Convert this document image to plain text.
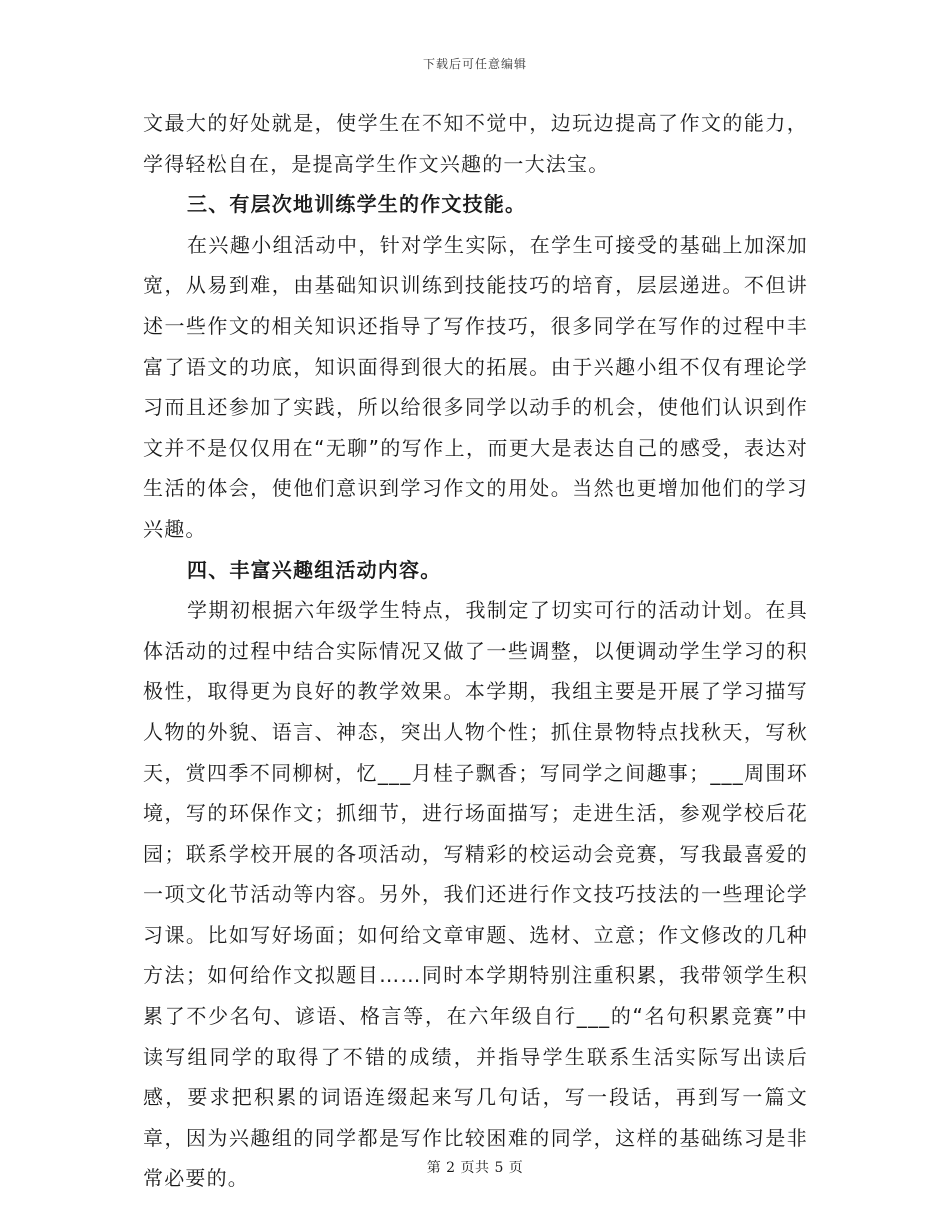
下载后可任意编辑

文最大的好处就是，使学生在不知不觉中，边玩边提高了作文的能力，学得轻松自在，是提高学生作文兴趣的一大法宝。

三、有层次地训练学生的作文技能。

在兴趣小组活动中，针对学生实际，在学生可接受的基础上加深加宽，从易到难，由基础知识训练到技能技巧的培育，层层递进。不但讲述一些作文的相关知识还指导了写作技巧，很多同学在写作的过程中丰富了语文的功底，知识面得到很大的拓展。由于兴趣小组不仅有理论学习而且还参加了实践，所以给很多同学以动手的机会，使他们认识到作文并不是仅仅用在“无聊”的写作上，而更大是表达自己的感受，表达对生活的体会，使他们意识到学习作文的用处。当然也更增加他们的学习兴趣。

四、丰富兴趣组活动内容。

学期初根据六年级学生特点，我制定了切实可行的活动计划。在具体活动的过程中结合实际情况又做了一些调整，以便调动学生学习的积极性，取得更为良好的教学效果。本学期，我组主要是开展了学习描写人物的外貌、语言、神态，突出人物个性；抓住景物特点找秋天，写秋天，赏四季不同柳树，忆___月桂子飘香；写同学之间趣事；___周围环境，写的环保作文；抓细节，进行场面描写；走进生活，参观学校后花园；联系学校开展的各项活动，写精彩的校运动会竞赛，写我最喜爱的一项文化节活动等内容。另外，我们还进行作文技巧技法的一些理论学习课。比如写好场面；如何给文章审题、选材、立意；作文修改的几种方法；如何给作文拟题目……同时本学期特别注重积累，我带领学生积累了不少名句、谚语、格言等，在六年级自行___的“名句积累竞赛”中读写组同学的取得了不错的成绩，并指导学生联系生活实际写出读后感，要求把积累的词语连缀起来写几句话，写一段话，再到写一篇文章，因为兴趣组的同学都是写作比较困难的同学，这样的基础练习是非常必要的。	第 2 页共 5 页
